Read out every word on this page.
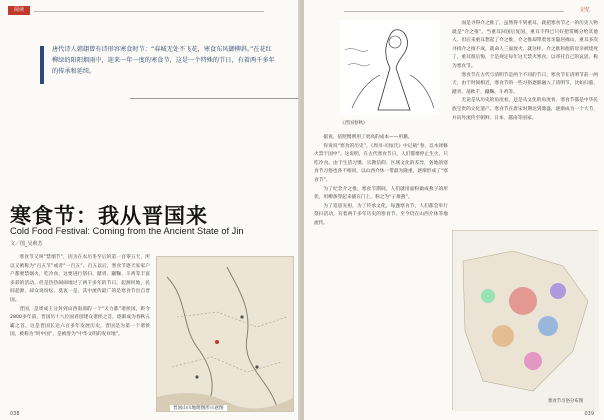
阅读
唐代诗人韩翃曾有诗形容寒食时节：“春城无处不飞花，寒食东风御柳斜。”在花红柳绿的阳阳烟雨中，迎来一年一度的寒食节，这是一个特殊的节日，有着两千多年的传承和延续。
寒食节：我从晋国来
Cold Food Festival: Coming from the Ancient State of Jin
文／图_吴莉芳

寒食节又叫“禁烟节”，因为在农历冬至后的第一百零五天，所以又被称为“百五节”或者“一百五”。百五以后，寒食节逐天家家户户都要禁烟火，吃冷食，这要进行祭扫、踏青、蹴鞠、斗鸡等丰富多彩的活动。但是热热闹闹地过了两千多年的节日，起源何地，民间起源、却众说纷纭，莫衷一是。其中流传最广的是寒食节出自晋国。

晋国，是周成王分封到山西南部的一个“天力都”诸侯国，距今2800多年前，晋国历十八位国君创建众诸侯之首，逐渐成为春秋五霸之首。这是晋国长达六百多年发展历史，晋国是为第一个诸侯国，被称为“时中国”，是被誉为“中华文明的发祥地”。

晋国山川地理图形示意图
038
记忆
《晋国春秋》

而是寻得介之推了，虽然得不到重耳，就把寒食节之一的历史人物就是“介之推”。当重耳回国后复国，重耳不得已只好把赏赐分给其他人，但后来重耳想起了介之推，介之推却带着母亲隐居绵山，重耳多次寻找介之推不成，就命人三面放火，就这样，介之推和他的母亲被烧死了，重耳很后悔，于是规定每年这天禁火寒食，以寄托自己的哀思，称为寒食节。

寒食节在古代与清明节是两个不同的节日，寒食节在清明节前一两天，由于时间相近，寒食节的一些习俗逐渐融入了清明节，比如扫墓、踏青、荡秋千、蹴鞠、斗鸡等。

无论是从历史的角度看，还是从文化的角度看，寒食节都是中华民族宝贵的文化遗产。寒食节在唐宋时期达到鼎盛，逐渐成为一个大节，并向外流传至朝鲜、日本、越南等国家。

据说，依照惯例用了更高的成本——用籍。

你说说“寒食的历史”，《周书·司烜氏》中记载“春，以木铎修火禁于国中”。这说明，在古代寒食节日，人们都要停止生火，只吃冷食。由于生活习惯、宗教信仰、区域文化的差异，各地的寒食节习俗也各不相同，以山西介休一带最为隆重，逐渐形成了“寒食节”。

为了纪念介之推，寒食节期间，人们就用面粉做成燕子的形状，用柳条穿起来插在门上，称之为“子推燕”。

为了追思先祖，为了传承文化，每逢寒食节，人们都会举行祭扫活动，有着两千多年历史的寒食节，至今仍在山西介休等地流传。

寒食节习俗分布图
039
